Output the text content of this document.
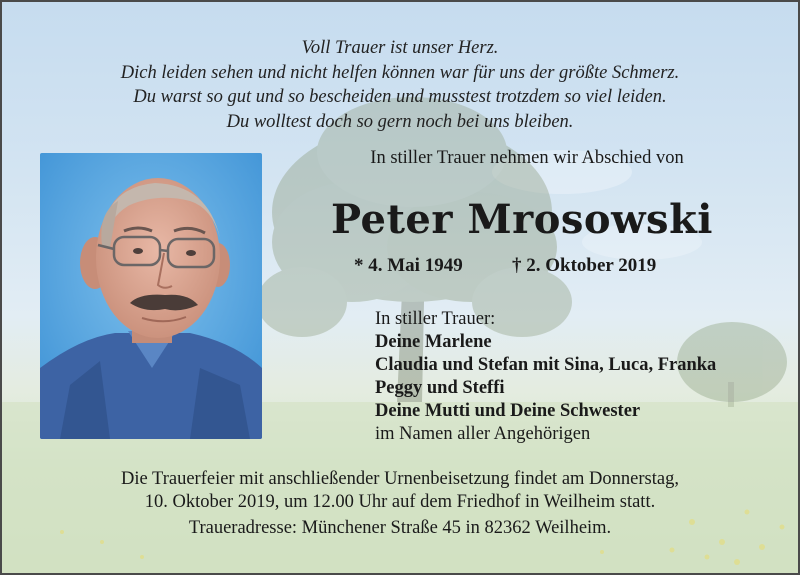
Voll Trauer ist unser Herz.
Dich leiden sehen und nicht helfen können war für uns der größte Schmerz.
Du warst so gut und so bescheiden und musstest trotzdem so viel leiden.
Du wolltest doch so gern noch bei uns bleiben.
In stiller Trauer nehmen wir Abschied von
Peter Mrosowski
* 4. Mai 1949	† 2. Oktober 2019
In stiller Trauer:
Deine Marlene
Claudia und Stefan mit Sina, Luca, Franka
Peggy und Steffi
Deine Mutti und Deine Schwester
im Namen aller Angehörigen
Die Trauerfeier mit anschließender Urnenbeisetzung findet am Donnerstag,
10. Oktober 2019, um 12.00 Uhr auf dem Friedhof in Weilheim statt.
Traueradresse: Münchener Straße 45 in 82362 Weilheim.
